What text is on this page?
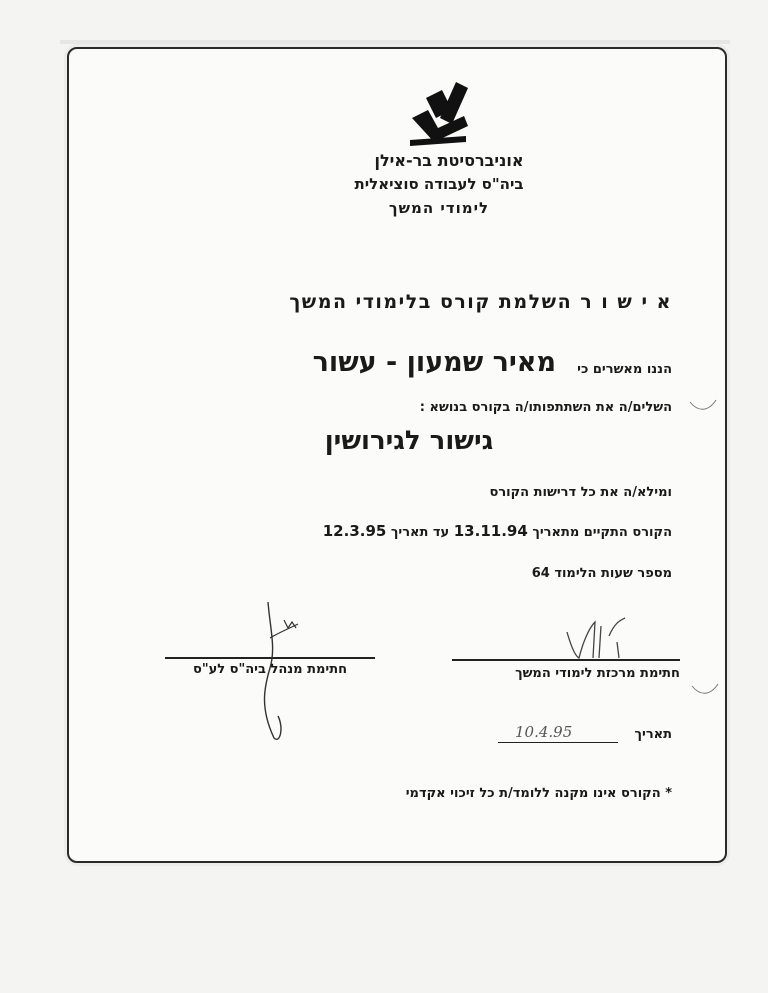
אוניברסיטת בר-אילן
ביה"ס לעבודה סוציאלית
לימודי המשך
א י ש ו ר השלמת קורס בלימודי המשך
הננו מאשרים כי
מאיר שמעון - עשור
השלים/ה את השתתפותו/ה בקורס בנושא :
גישור לגירושין
ומילא/ה את כל דרישות הקורס
הקורס התקיים מתאריך 13.11.94 עד תאריך 12.3.95
מספר שעות הלימוד 64
חתימת מנהל ביה"ס לע"ס	חתימת מרכזת לימודי המשך
תאריך
10.4.95
* הקורס אינו מקנה ללומד/ת כל זיכוי אקדמי
